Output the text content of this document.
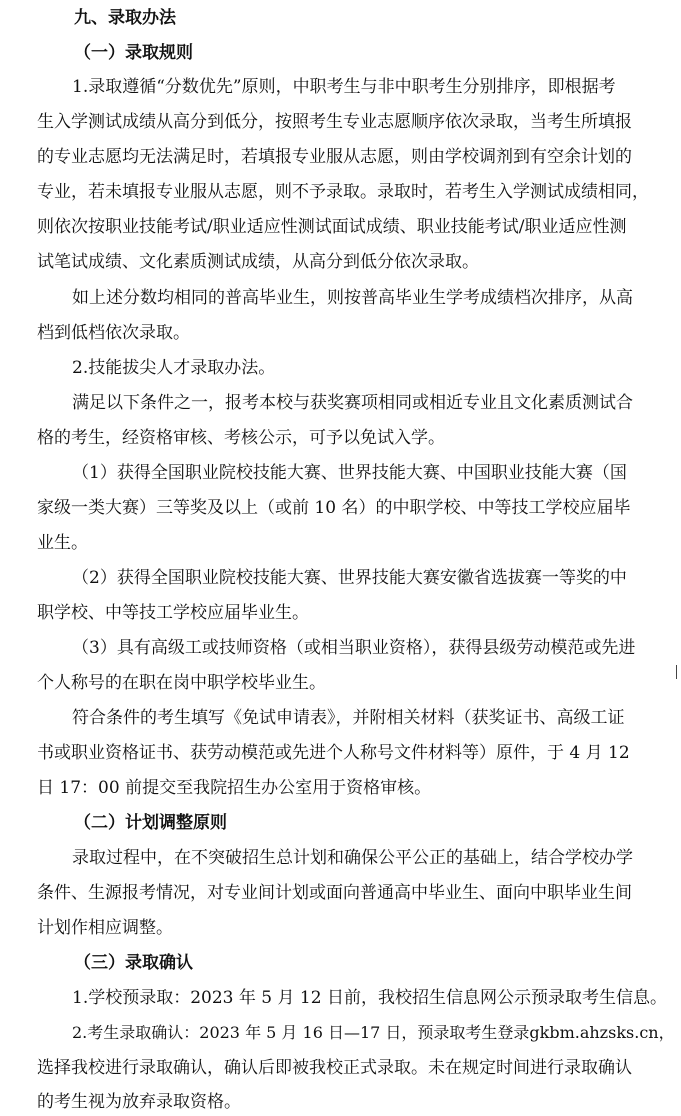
九、录取办法
（一）录取规则
1.录取遵循“分数优先”原则，中职考生与非中职考生分别排序，即根据考
生入学测试成绩从高分到低分，按照考生专业志愿顺序依次录取，当考生所填报
的专业志愿均无法满足时，若填报专业服从志愿，则由学校调剂到有空余计划的
专业，若未填报专业服从志愿，则不予录取。录取时，若考生入学测试成绩相同，
则依次按职业技能考试/职业适应性测试面试成绩、职业技能考试/职业适应性测
试笔试成绩、文化素质测试成绩，从高分到低分依次录取。
如上述分数均相同的普高毕业生，则按普高毕业生学考成绩档次排序，从高
档到低档依次录取。
2.技能拔尖人才录取办法。
满足以下条件之一，报考本校与获奖赛项相同或相近专业且文化素质测试合
格的考生，经资格审核、考核公示，可予以免试入学。
（1）获得全国职业院校技能大赛、世界技能大赛、中国职业技能大赛（国
家级一类大赛）三等奖及以上（或前 10 名）的中职学校、中等技工学校应届毕
业生。
（2）获得全国职业院校技能大赛、世界技能大赛安徽省选拔赛一等奖的中
职学校、中等技工学校应届毕业生。
（3）具有高级工或技师资格（或相当职业资格），获得县级劳动模范或先进
个人称号的在职在岗中职学校毕业生。
符合条件的考生填写《免试申请表》，并附相关材料（获奖证书、高级工证
书或职业资格证书、获劳动模范或先进个人称号文件材料等）原件，于 4 月 12
日 17：00 前提交至我院招生办公室用于资格审核。
（二）计划调整原则
录取过程中，在不突破招生总计划和确保公平公正的基础上，结合学校办学
条件、生源报考情况，对专业间计划或面向普通高中毕业生、面向中职毕业生间
计划作相应调整。
（三）录取确认
1.学校预录取：2023 年 5 月 12 日前，我校招生信息网公示预录取考生信息。
2.考生录取确认：2023 年 5 月 16 日—17 日，预录取考生登录gkbm.ahzsks.cn，
选择我校进行录取确认，确认后即被我校正式录取。未在规定时间进行录取确认
的考生视为放弃录取资格。
